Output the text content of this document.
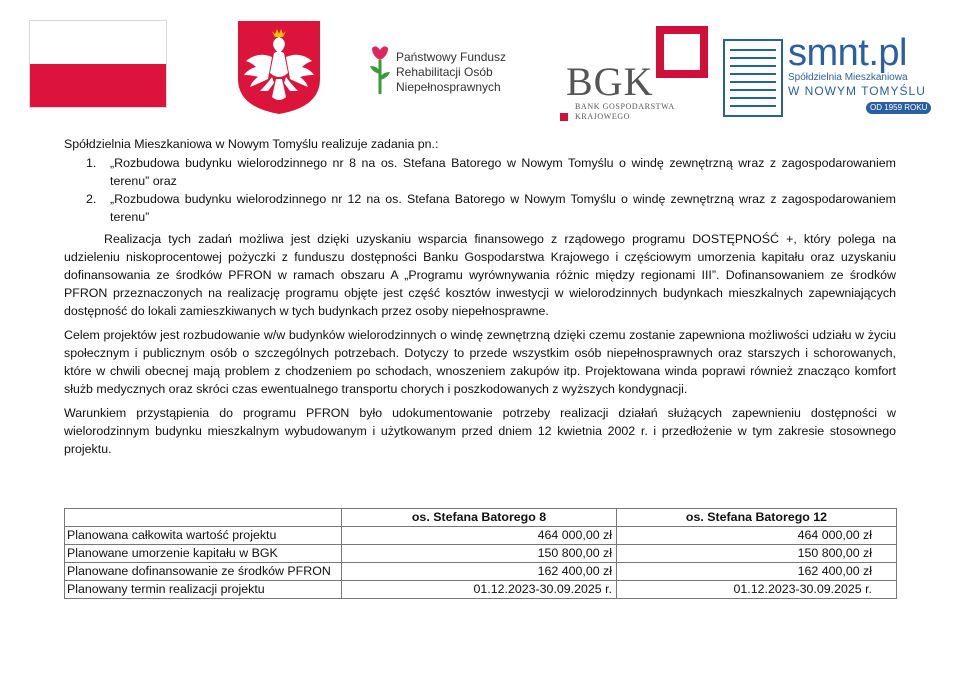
Państwowy Fundusz
Rehabilitacji Osób
Niepełnosprawnych BGK
BANK GOSPODARSTWA
KRAJOWEGO
smnt.pl
Spółdzielnia Mieszkaniowa
W NOWYM TOMYŚLU
OD 1959 ROKU
Spółdzielnia Mieszkaniowa w Nowym Tomyślu realizuje zadania pn.:
1. „Rozbudowa budynku wielorodzinnego nr 8 na os. Stefana Batorego w Nowym Tomyślu o windę zewnętrzną wraz z zagospodarowaniem terenu” oraz
2. „Rozbudowa budynku wielorodzinnego nr 12 na os. Stefana Batorego w Nowym Tomyślu o windę zewnętrzną wraz z zagospodarowaniem terenu”

Realizacja tych zadań możliwa jest dzięki uzyskaniu wsparcia finansowego z rządowego programu DOSTĘPNOŚĆ +, który polega na udzieleniu niskoprocentowej pożyczki z funduszu dostępności Banku Gospodarstwa Krajowego i częściowym umorzenia kapitału oraz uzyskaniu dofinansowania ze środków PFRON w ramach obszaru A „Programu wyrównywania różnic między regionami III”. Dofinansowaniem ze środków PFRON przeznaczonych na realizację programu objęte jest część kosztów inwestycji w wielorodzinnych budynkach mieszkalnych zapewniających dostępność do lokali zamieszkiwanych w tych budynkach przez osoby niepełnosprawne.

Celem projektów jest rozbudowanie w/w budynków wielorodzinnych o windę zewnętrzną dzięki czemu zostanie zapewniona możliwości udziału w życiu społecznym i publicznym osób o szczególnych potrzebach. Dotyczy to przede wszystkim osób niepełnosprawnych oraz starszych i schorowanych, które w chwili obecnej mają problem z chodzeniem po schodach, wnoszeniem zakupów itp. Projektowana winda poprawi również znacząco komfort służb medycznych oraz skróci czas ewentualnego transportu chorych i poszkodowanych z wyższych kondygnacji.

Warunkiem przystąpienia do programu PFRON było udokumentowanie potrzeby realizacji działań służących zapewnieniu dostępności w wielorodzinnym budynku mieszkalnym wybudowanym i użytkowanym przed dniem 12 kwietnia 2002 r. i przedłożenie w tym zakresie stosownego projektu.

	os. Stefana Batorego 8	os. Stefana Batorego 12
Planowana całkowita wartość projektu	464 000,00 zł	464 000,00 zł
Planowane umorzenie kapitału w BGK	150 800,00 zł	150 800,00 zł
Planowane dofinansowanie ze środków PFRON	162 400,00 zł	162 400,00 zł
Planowany termin realizacji projektu	01.12.2023-30.09.2025 r.	01.12.2023-30.09.2025 r.
